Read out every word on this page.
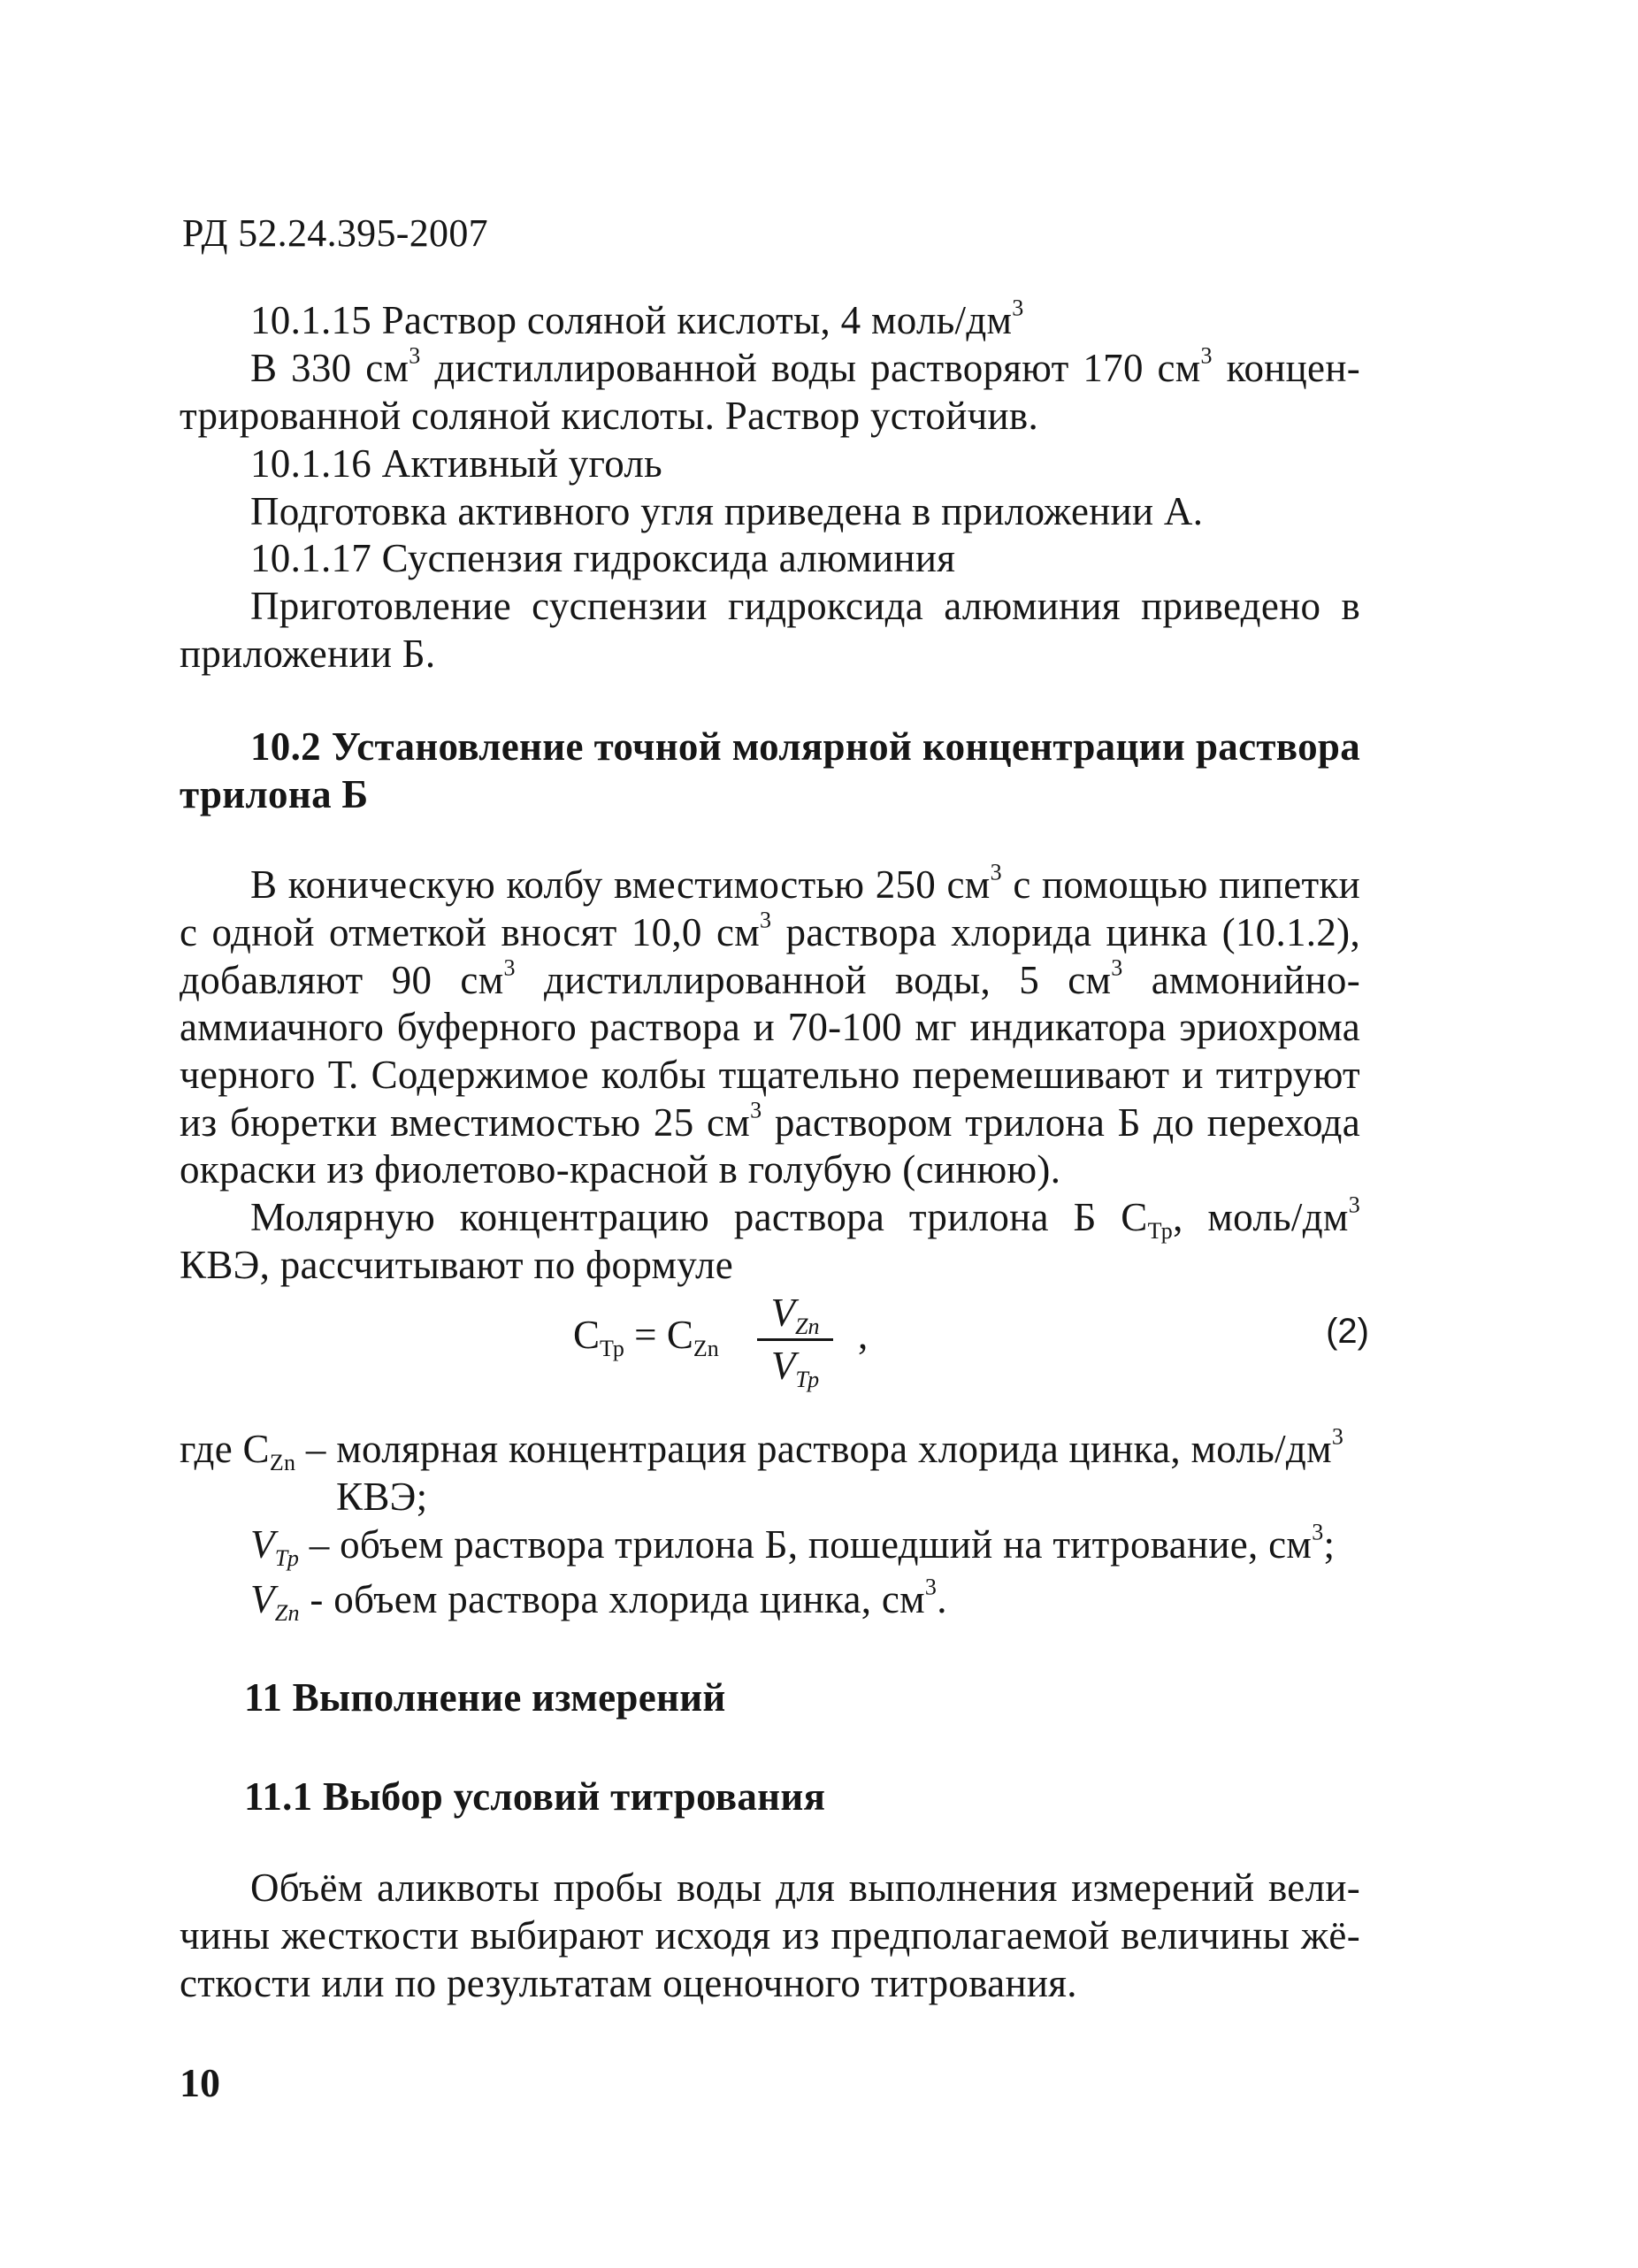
РД 52.24.395-2007
10.1.15 Раствор соляной кислоты, 4 моль/$дм^3$
В 330 $см^3$ дистиллированной воды растворяют 170 $см^3$ концен-
трированной соляной кислоты. Раствор устойчив.
10.1.16 Активный уголь
Подготовка активного угля приведена в приложении А.
10.1.17 Суспензия гидроксида алюминия
Приготовление суспензии гидроксида алюминия приведено в
приложении Б.
10.2 Установление точной молярной концентрации раствора
трилона Б
В коническую колбу вместимостью 250 $см^3$ с помощью пипетки
с одной отметкой вносят 10,0 $см^3$ раствора хлорида цинка (10.1.2),
добавляют 90 $см^3$ дистиллированной воды, 5 $см^3$ аммонийно-
аммиачного буферного раствора и 70-100 мг индикатора эриохрома
черного Т. Содержимое колбы тщательно перемешивают и титруют
из бюретки вместимостью 25 $см^3$ раствором трилона Б до перехода
окраски из фиолетово-красной в голубую (синюю).
Молярную концентрацию раствора трилона Б $С_{Тр}$, моль/$дм^3$
КВЭ, рассчитывают по формуле
$С_{Тр} = С_{Zn}$
$V_{Zn}$
$V_{Тр}$
,	(2)
где $С_{Zn}$ – молярная концентрация раствора хлорида цинка, моль/$дм^3$
КВЭ;
$V_{Тр}$ – объем раствора трилона Б, пошедший на титрование, $см^3$;
$V_{Zn}$ - объем раствора хлорида цинка, $см^3$.
11 Выполнение измерений
11.1 Выбор условий титрования
Объём аликвоты пробы воды для выполнения измерений вели-
чины жесткости выбирают исходя из предполагаемой величины жё-
сткости или по результатам оценочного титрования.
10
